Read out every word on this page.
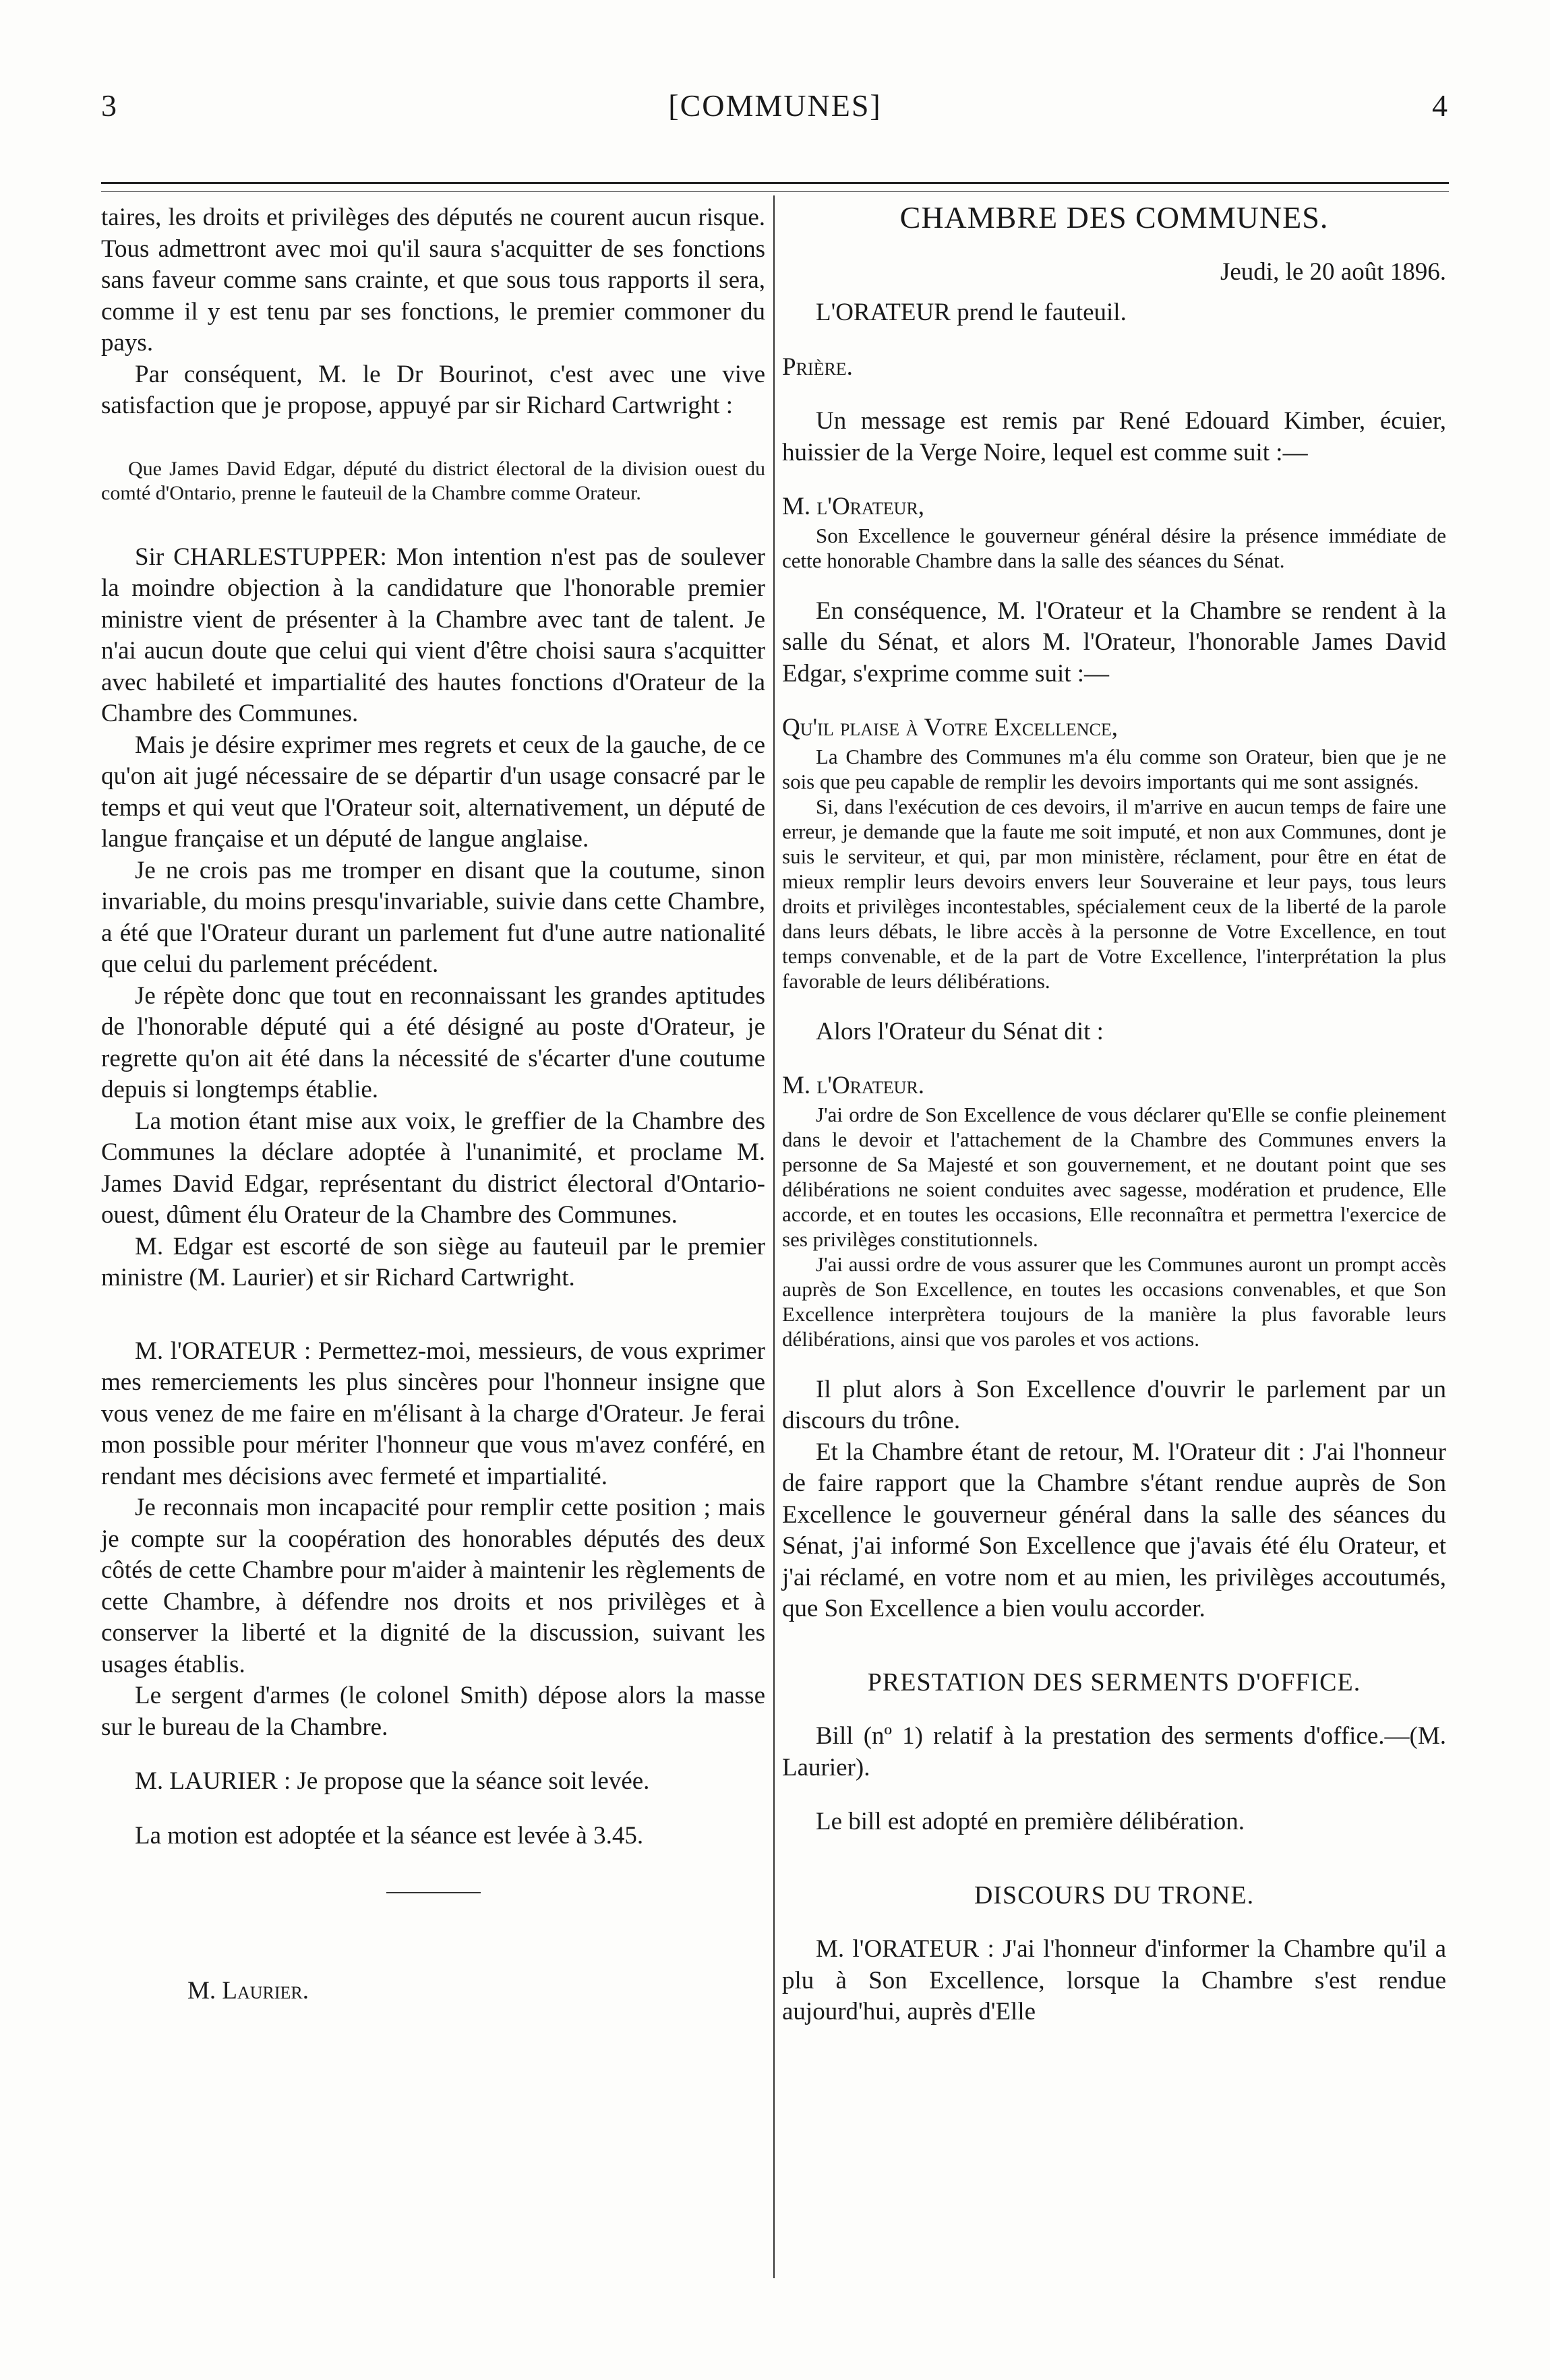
3	[COMMUNES]	4

taires, les droits et privilèges des députés ne courent aucun risque. Tous admettront avec moi qu'il saura s'acquitter de ses fonctions sans faveur comme sans crainte, et que sous tous rapports il sera, comme il y est tenu par ses fonctions, le premier commoner du pays.

Par conséquent, M. le Dr Bourinot, c'est avec une vive satisfaction que je propose, appuyé par sir Richard Cartwright :

Que James David Edgar, député du district électoral de la division ouest du comté d'Ontario, prenne le fauteuil de la Chambre comme Orateur.

Sir CHARLESTUPPER: Mon intention n'est pas de soulever la moindre objection à la candidature que l'honorable premier ministre vient de présenter à la Chambre avec tant de talent. Je n'ai aucun doute que celui qui vient d'être choisi saura s'acquitter avec habileté et impartialité des hautes fonctions d'Orateur de la Chambre des Communes.

Mais je désire exprimer mes regrets et ceux de la gauche, de ce qu'on ait jugé nécessaire de se départir d'un usage consacré par le temps et qui veut que l'Orateur soit, alternativement, un député de langue française et un député de langue anglaise.

Je ne crois pas me tromper en disant que la coutume, sinon invariable, du moins presqu'invariable, suivie dans cette Chambre, a été que l'Orateur durant un parlement fut d'une autre nationalité que celui du parlement précédent.

Je répète donc que tout en reconnaissant les grandes aptitudes de l'honorable député qui a été désigné au poste d'Orateur, je regrette qu'on ait été dans la nécessité de s'écarter d'une coutume depuis si longtemps établie.

La motion étant mise aux voix, le greffier de la Chambre des Communes la déclare adoptée à l'unanimité, et proclame M. James David Edgar, représentant du district électoral d'Ontario-ouest, dûment élu Orateur de la Chambre des Communes.

M. Edgar est escorté de son siège au fauteuil par le premier ministre (M. Laurier) et sir Richard Cartwright.

M. l'ORATEUR : Permettez-moi, messieurs, de vous exprimer mes remerciements les plus sincères pour l'honneur insigne que vous venez de me faire en m'élisant à la charge d'Orateur. Je ferai mon possible pour mériter l'honneur que vous m'avez conféré, en rendant mes décisions avec fermeté et impartialité.

Je reconnais mon incapacité pour remplir cette position ; mais je compte sur la coopération des honorables députés des deux côtés de cette Chambre pour m'aider à maintenir les règlements de cette Chambre, à défendre nos droits et nos privilèges et à conserver la liberté et la dignité de la discussion, suivant les usages établis.

Le sergent d'armes (le colonel Smith) dépose alors la masse sur le bureau de la Chambre.

M. LAURIER : Je propose que la séance soit levée.

La motion est adoptée et la séance est levée à 3.45.

M. Laurier.

CHAMBRE DES COMMUNES.

Jeudi, le 20 août 1896.

L'ORATEUR prend le fauteuil.

Prière.

Un message est remis par René Edouard Kimber, écuier, huissier de la Verge Noire, lequel est comme suit :—

M. l'Orateur,

Son Excellence le gouverneur général désire la présence immédiate de cette honorable Chambre dans la salle des séances du Sénat.

En conséquence, M. l'Orateur et la Chambre se rendent à la salle du Sénat, et alors M. l'Orateur, l'honorable James David Edgar, s'exprime comme suit :—

Qu'il plaise à Votre Excellence,

La Chambre des Communes m'a élu comme son Orateur, bien que je ne sois que peu capable de remplir les devoirs importants qui me sont assignés.

Si, dans l'exécution de ces devoirs, il m'arrive en aucun temps de faire une erreur, je demande que la faute me soit imputé, et non aux Communes, dont je suis le serviteur, et qui, par mon ministère, réclament, pour être en état de mieux remplir leurs devoirs envers leur Souveraine et leur pays, tous leurs droits et privilèges incontestables, spécialement ceux de la liberté de la parole dans leurs débats, le libre accès à la personne de Votre Excellence, en tout temps convenable, et de la part de Votre Excellence, l'interprétation la plus favorable de leurs délibérations.

Alors l'Orateur du Sénat dit :

M. l'Orateur.

J'ai ordre de Son Excellence de vous déclarer qu'Elle se confie pleinement dans le devoir et l'attachement de la Chambre des Communes envers la personne de Sa Majesté et son gouvernement, et ne doutant point que ses délibérations ne soient conduites avec sagesse, modération et prudence, Elle accorde, et en toutes les occasions, Elle reconnaîtra et permettra l'exercice de ses privilèges constitutionnels.

J'ai aussi ordre de vous assurer que les Communes auront un prompt accès auprès de Son Excellence, en toutes les occasions convenables, et que Son Excellence interprètera toujours de la manière la plus favorable leurs délibérations, ainsi que vos paroles et vos actions.

Il plut alors à Son Excellence d'ouvrir le parlement par un discours du trône.

Et la Chambre étant de retour, M. l'Orateur dit : J'ai l'honneur de faire rapport que la Chambre s'étant rendue auprès de Son Excellence le gouverneur général dans la salle des séances du Sénat, j'ai informé Son Excellence que j'avais été élu Orateur, et j'ai réclamé, en votre nom et au mien, les privilèges accoutumés, que Son Excellence a bien voulu accorder.

PRESTATION DES SERMENTS D'OFFICE.

Bill (nº 1) relatif à la prestation des serments d'office.—(M. Laurier).

Le bill est adopté en première délibération.

DISCOURS DU TRONE.

M. l'ORATEUR : J'ai l'honneur d'informer la Chambre qu'il a plu à Son Excellence, lorsque la Chambre s'est rendue aujourd'hui, auprès d'Elle
